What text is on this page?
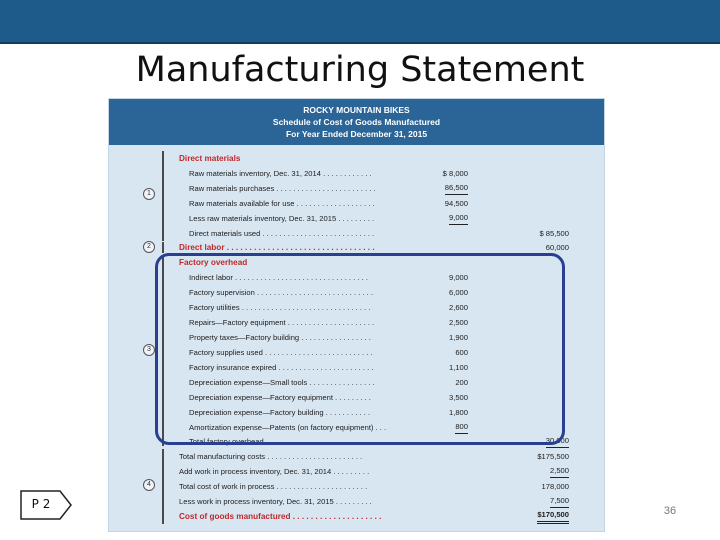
Manufacturing Statement
ROCKY MOUNTAIN BIKES
Schedule of Cost of Goods Manufactured
For Year Ended December 31, 2015
1
2
3
4
Direct materials
Raw materials inventory, Dec. 31, 2014 . . . . . . . . . . . .	$ 8,000
Raw materials purchases . . . . . . . . . . . . . . . . . . . . . . . .	86,500
Raw materials available for use . . . . . . . . . . . . . . . . . . .	94,500
Less raw materials inventory, Dec. 31, 2015 . . . . . . . . .	9,000
Direct materials used . . . . . . . . . . . . . . . . . . . . . . . . . . .	$ 85,500
Direct labor . . . . . . . . . . . . . . . . . . . . . . . . . . . . . . . . .	60,000
Factory overhead
Indirect labor . . . . . . . . . . . . . . . . . . . . . . . . . . . . . . . .	9,000
Factory supervision . . . . . . . . . . . . . . . . . . . . . . . . . . . .	6,000
Factory utilities . . . . . . . . . . . . . . . . . . . . . . . . . . . . . . .	2,600
Repairs—Factory equipment . . . . . . . . . . . . . . . . . . . . .	2,500
Property taxes—Factory building . . . . . . . . . . . . . . . . .	1,900
Factory supplies used . . . . . . . . . . . . . . . . . . . . . . . . . .	600
Factory insurance expired . . . . . . . . . . . . . . . . . . . . . . .	1,100
Depreciation expense—Small tools . . . . . . . . . . . . . . . .	200
Depreciation expense—Factory equipment . . . . . . . . .	3,500
Depreciation expense—Factory building . . . . . . . . . . .	1,800
Amortization expense—Patents (on factory equipment) . . .	800
Total factory overhead . . . . . . . . . . . . . . . . . . . . . . . . . .	30,000
Total manufacturing costs . . . . . . . . . . . . . . . . . . . . . . .	$175,500
Add work in process inventory, Dec. 31, 2014 . . . . . . . . .	2,500
Total cost of work in process . . . . . . . . . . . . . . . . . . . . . .	178,000
Less work in process inventory, Dec. 31, 2015 . . . . . . . . .	7,500
Cost of goods manufactured . . . . . . . . . . . . . . . . . . . .	$170,500
P 2	36
